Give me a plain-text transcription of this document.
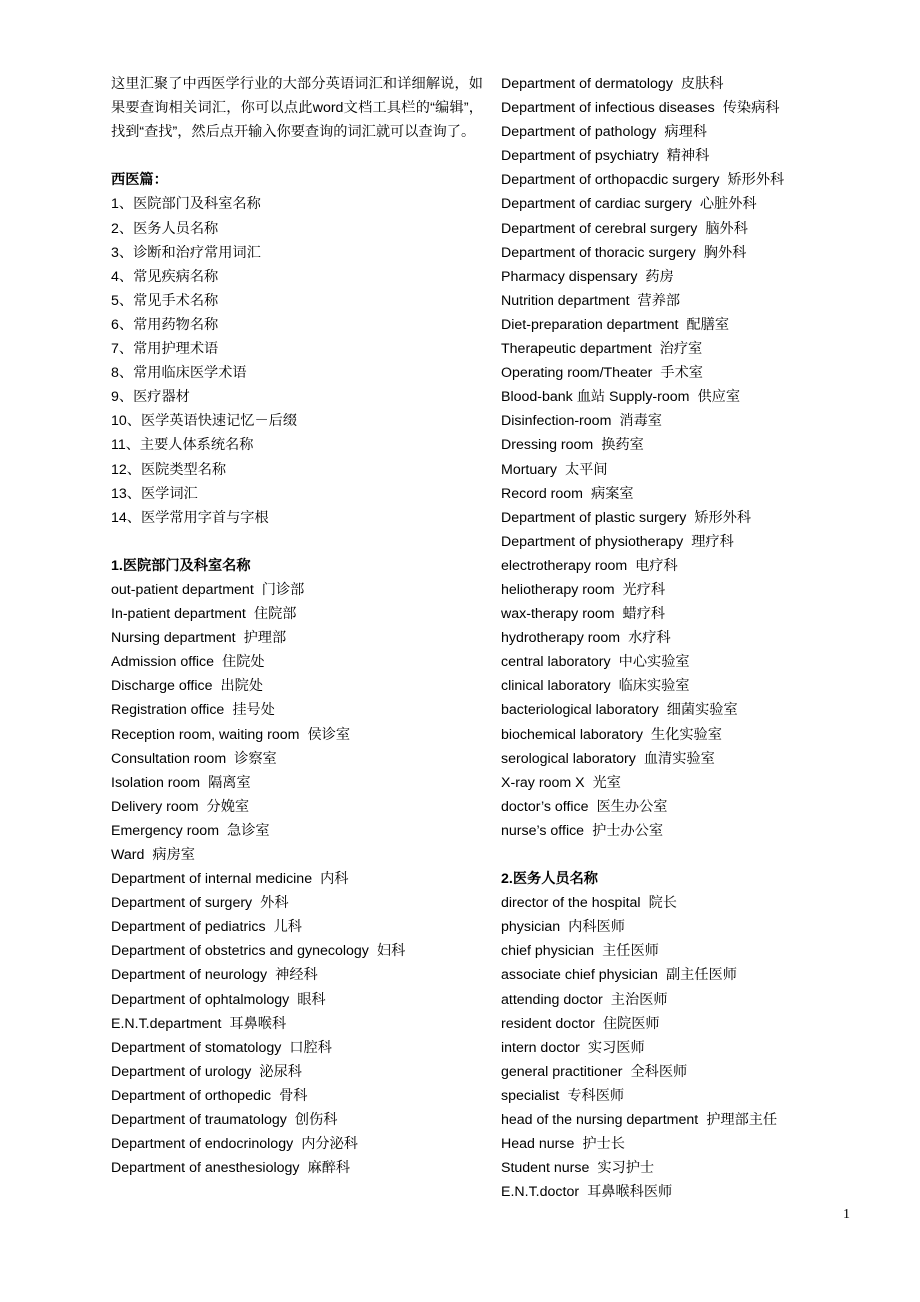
这里汇聚了中西医学行业的大部分英语词汇和详细解说，如果要查询相关词汇，你可以点此word文档工具栏的“编辑”，找到“查找”，然后点开输入你要查询的词汇就可以查询了。
西医篇：
1、医院部门及科室名称
2、医务人员名称
3、诊断和治疗常用词汇
4、常见疾病名称
5、常见手术名称
6、常用药物名称
7、常用护理术语
8、常用临床医学术语
9、医疗器材
10、医学英语快速记忆－后缀
11、主要人体系统名称
12、医院类型名称
13、医学词汇
14、医学常用字首与字根
1.医院部门及科室名称
out-patient department 门诊部
In-patient department 住院部
Nursing department 护理部
Admission office 住院处
Discharge office 出院处
Registration office 挂号处
Reception room, waiting room 侯诊室
Consultation room 诊察室
Isolation room 隔离室
Delivery room 分娩室
Emergency room 急诊室
Ward 病房室
Department of internal medicine 内科
Department of surgery 外科
Department of pediatrics 儿科
Department of obstetrics and gynecology 妇科
Department of neurology 神经科
Department of ophtalmology 眼科
E.N.T.department 耳鼻喉科
Department of stomatology 口腔科
Department of urology 泌尿科
Department of orthopedic 骨科
Department of traumatology 创伤科
Department of endocrinology 内分泌科
Department of anesthesiology 麻醉科
Department of dermatology 皮肤科
Department of infectious diseases 传染病科
Department of pathology 病理科
Department of psychiatry 精神科
Department of orthopacdic surgery 矫形外科
Department of cardiac surgery 心脏外科
Department of cerebral surgery 脑外科
Department of thoracic surgery 胸外科
Pharmacy dispensary 药房
Nutrition department 营养部
Diet-preparation department 配膳室
Therapeutic department 治疗室
Operating room/Theater 手术室
Blood-bank 血站 Supply-room 供应室
Disinfection-room 消毒室
Dressing room 换药室
Mortuary 太平间
Record room 病案室
Department of plastic surgery 矫形外科
Department of physiotherapy 理疗科
electrotherapy room 电疗科
heliotherapy room 光疗科
wax-therapy room 蜡疗科
hydrotherapy room 水疗科
central laboratory 中心实验室
clinical laboratory 临床实验室
bacteriological laboratory 细菌实验室
biochemical laboratory 生化实验室
serological laboratory 血清实验室
X-ray room X 光室
doctor’s office 医生办公室
nurse’s office 护士办公室
2.医务人员名称
director of the hospital 院长
physician 内科医师
chief physician 主任医师
associate chief physician 副主任医师
attending doctor 主治医师
resident doctor 住院医师
intern doctor 实习医师
general practitioner 全科医师
specialist 专科医师
head of the nursing department 护理部主任
Head nurse 护士长
Student nurse 实习护士
E.N.T.doctor 耳鼻喉科医师
1
